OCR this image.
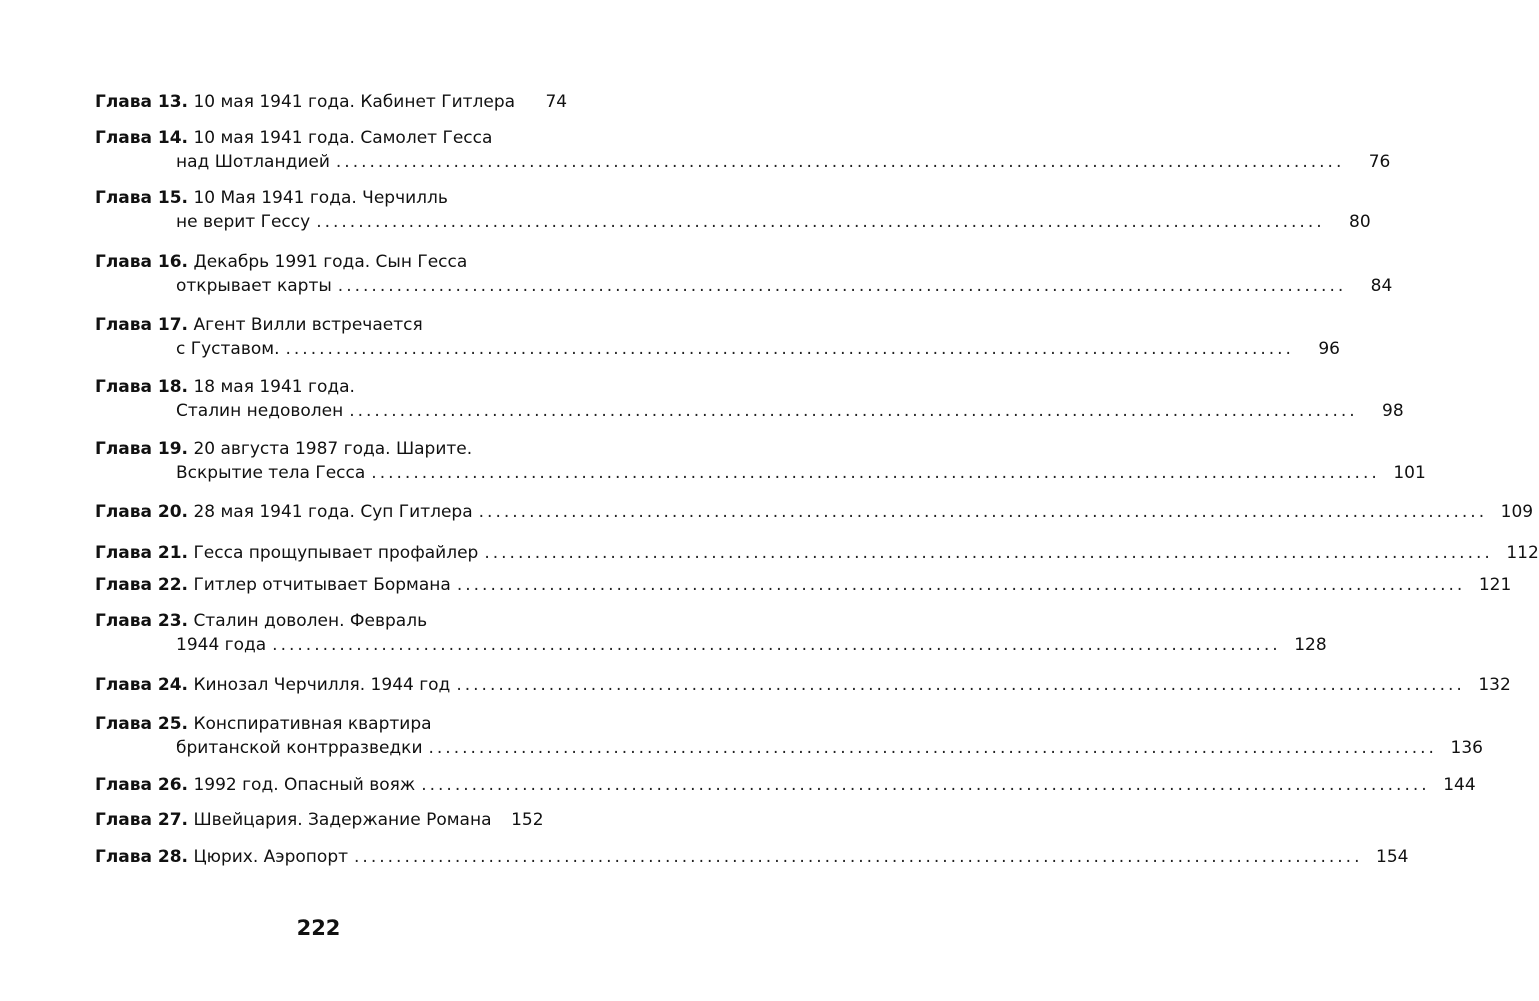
Глава 13. 10 мая 1941 года. Кабинет Гитлера	74
Глава 14. 10 мая 1941 года. Самолет Гесса
над Шотландией ........................................................................................................................	76
Глава 15. 10 Мая 1941 года. Черчилль
не верит Гессу ........................................................................................................................	80
Глава 16. Декабрь 1991 года. Сын Гесса
открывает карты ........................................................................................................................	84
Глава 17. Агент Вилли встречается
с Густавом. ........................................................................................................................	96
Глава 18. 18 мая 1941 года.
Сталин недоволен ........................................................................................................................	98
Глава 19. 20 августа 1987 года. Шарите.
Вскрытие тела Гесса ........................................................................................................................ 101
Глава 20. 28 мая 1941 года. Суп Гитлера ........................................................................................................................ 109
Глава 21. Гесса прощупывает профайлер ........................................................................................................................ 112
Глава 22. Гитлер отчитывает Бормана ........................................................................................................................ 121
Глава 23. Сталин доволен. Февраль
1944 года ........................................................................................................................ 128
Глава 24. Кинозал Черчилля. 1944 год ........................................................................................................................ 132
Глава 25. Конспиративная квартира
британской контрразведки ........................................................................................................................ 136
Глава 26. 1992 год. Опасный вояж ........................................................................................................................ 144
Глава 27. Швейцария. Задержание Романа	152
Глава 28. Цюрих. Аэропорт ........................................................................................................................ 154
222
